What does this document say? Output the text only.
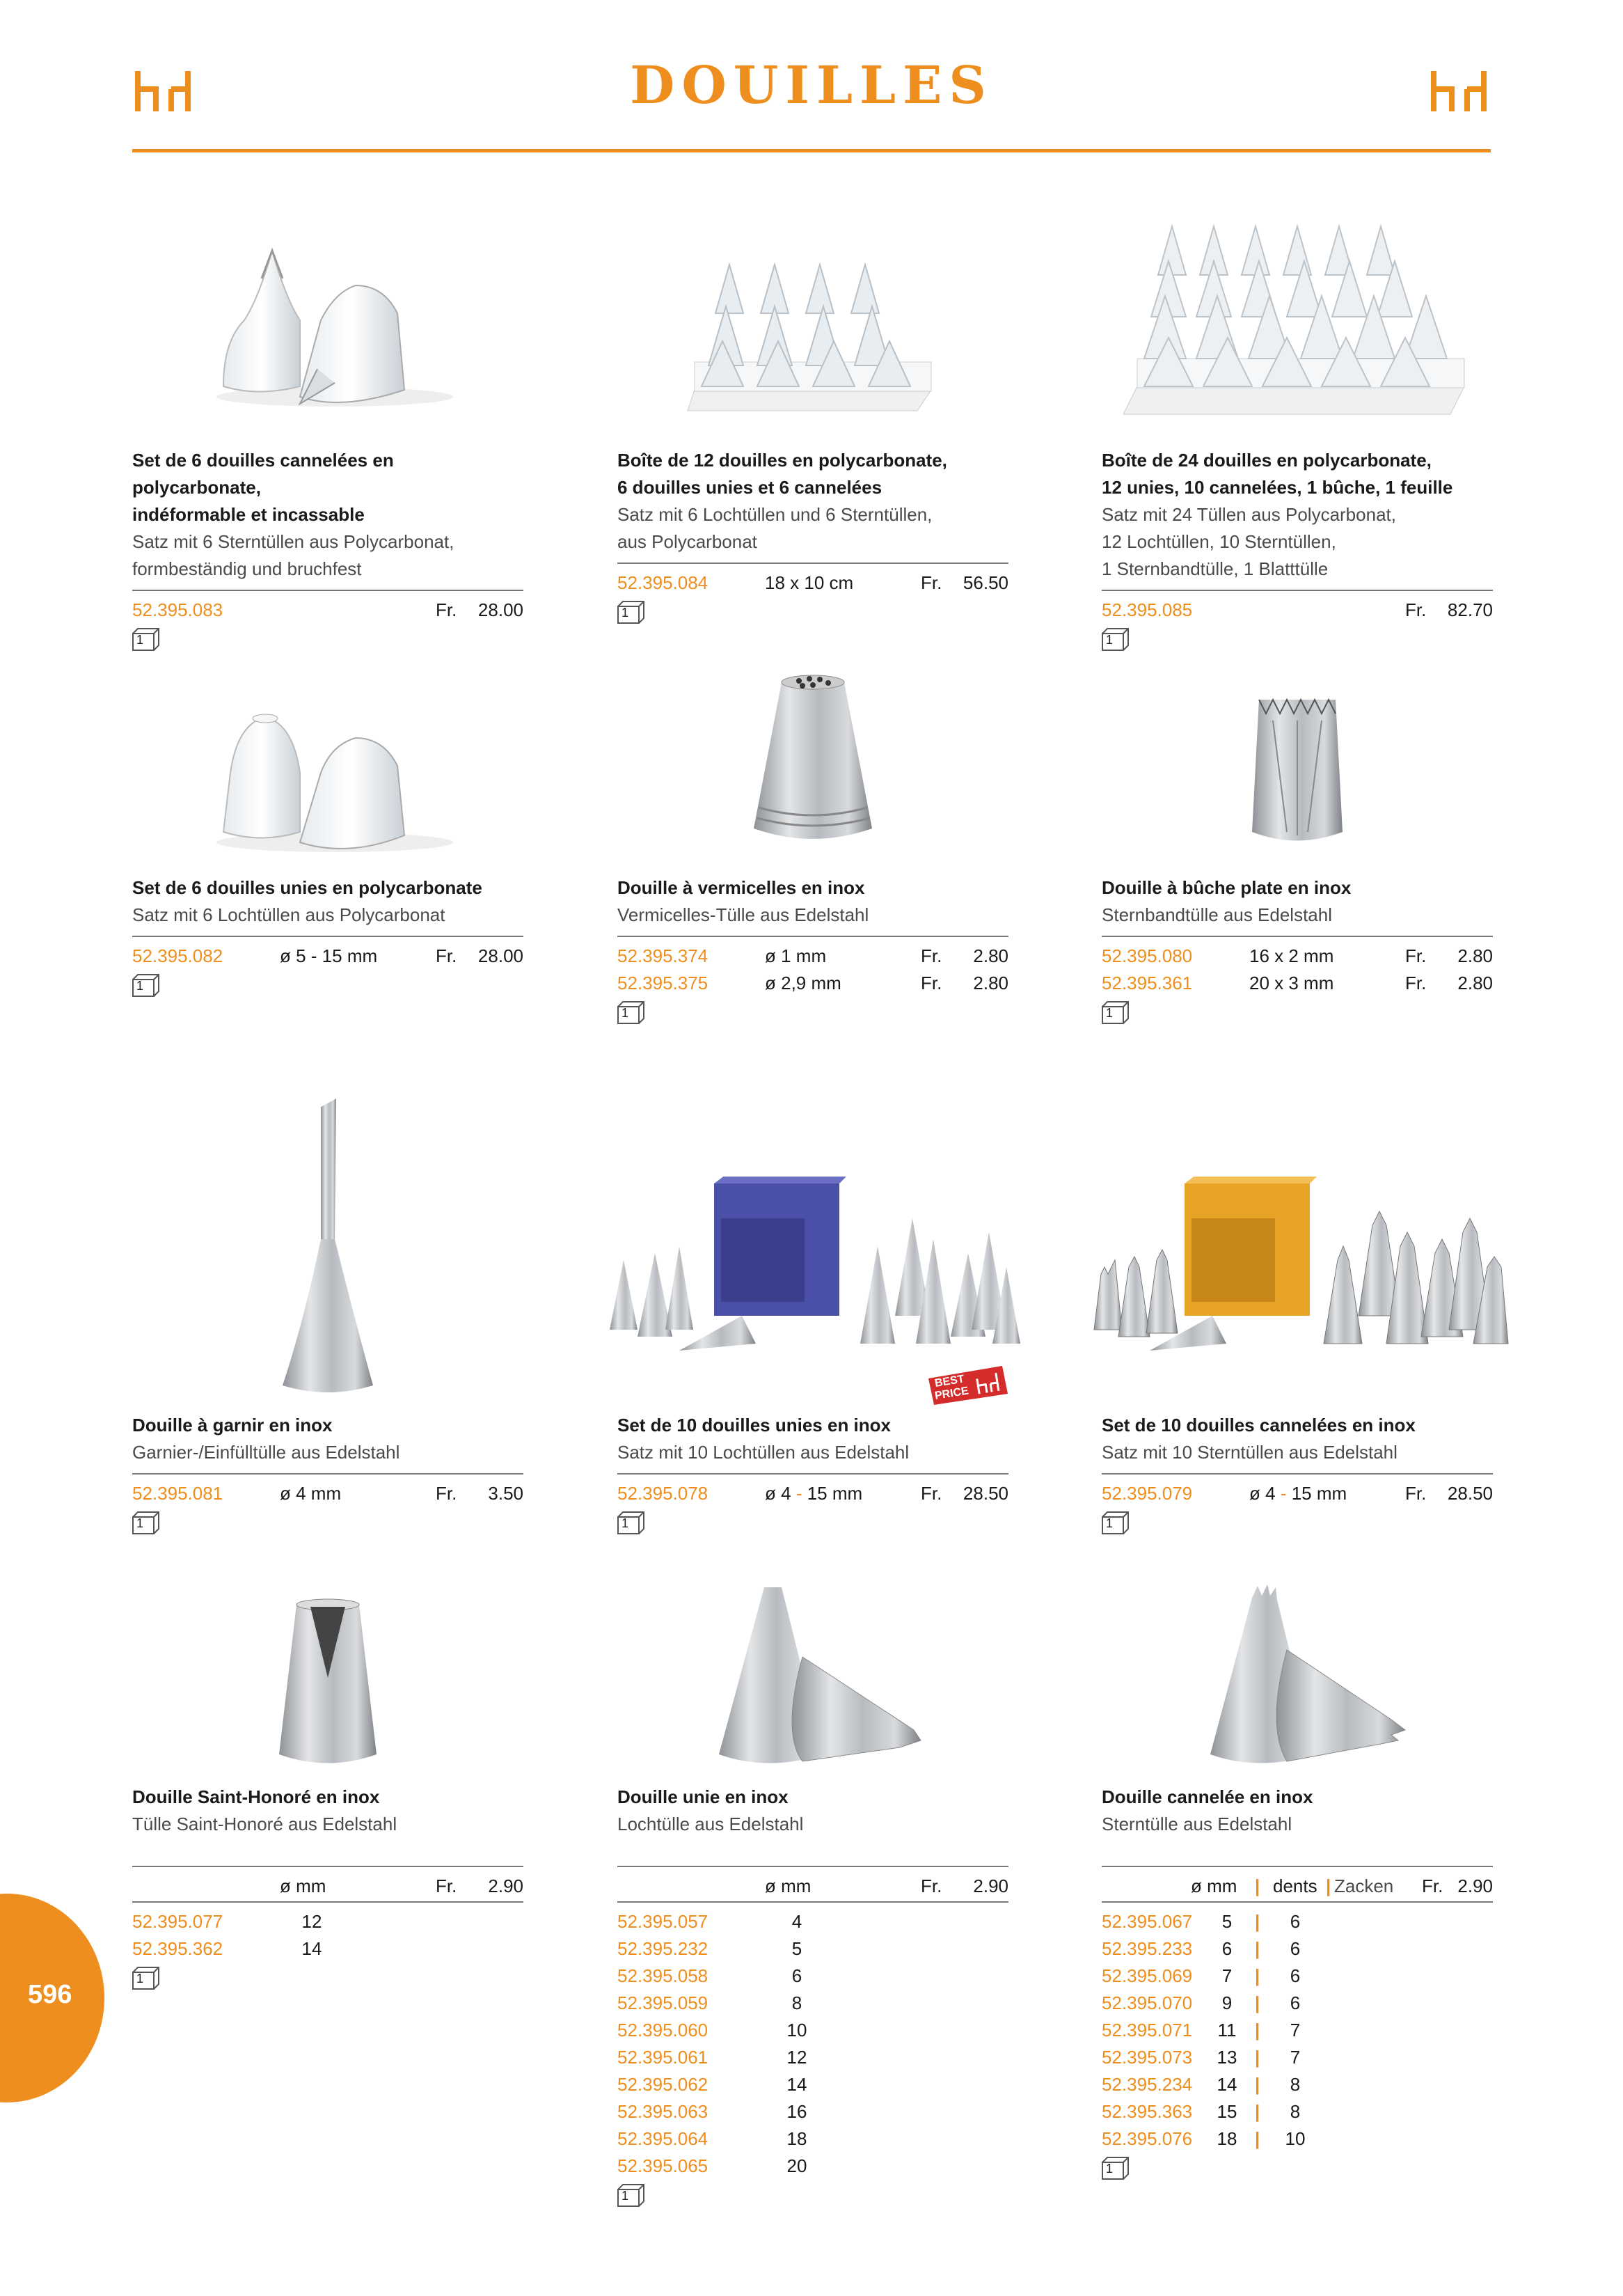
DOUILLES
Set de 6 douilles cannelées en polycarbonate,
indéformable et incassable
Satz mit 6 Sterntüllen aus Polycarbonat,
formbeständig und bruchfest
52.395.083	Fr. 28.00
1
Boîte de 12 douilles en polycarbonate,
6 douilles unies et 6 cannelées
Satz mit 6 Lochtüllen und 6 Sterntüllen,
aus Polycarbonat
52.395.084	18 x 10 cm	Fr. 56.50
1
Boîte de 24 douilles en polycarbonate,
12 unies, 10 cannelées, 1 bûche, 1 feuille
Satz mit 24 Tüllen aus Polycarbonat,
12 Lochtüllen, 10 Sterntüllen,
1 Sternbandtülle, 1 Blatttülle
52.395.085	Fr. 82.70
1
Set de 6 douilles unies en polycarbonate
Satz mit 6 Lochtüllen aus Polycarbonat
52.395.082	ø 5 - 15 mm	Fr. 28.00
1
Douille à vermicelles en inox
Vermicelles-Tülle aus Edelstahl
52.395.374	ø 1 mm	Fr. 2.80
52.395.375	ø 2,9 mm	Fr. 2.80
1
Douille à bûche plate en inox
Sternbandtülle aus Edelstahl
52.395.080	16 x 2 mm	Fr. 2.80
52.395.361	20 x 3 mm	Fr. 2.80
1
Douille à garnir en inox
Garnier-/Einfülltülle aus Edelstahl
52.395.081	ø 4 mm	Fr. 3.50
1
BEST
PRICE
Set de 10 douilles unies en inox
Satz mit 10 Lochtüllen aus Edelstahl
52.395.078	ø 4 - 15 mm	Fr. 28.50
1
Set de 10 douilles cannelées en inox
Satz mit 10 Sterntüllen aus Edelstahl
52.395.079	ø 4 - 15 mm	Fr. 28.50
1
Douille Saint-Honoré en inox
Tülle Saint-Honoré aus Edelstahl
ø mm	Fr. 2.90
52.395.077	12
52.395.362	14
1
Douille unie en inox
Lochtülle aus Edelstahl
ø mm	Fr. 2.90
52.395.057	4
52.395.232	5
52.395.058	6
52.395.059	8
52.395.060	10
52.395.061	12
52.395.062	14
52.395.063	16
52.395.064	18
52.395.065	20
1
Douille cannelée en inox
Sterntülle aus Edelstahl
ø mm | dents | Zacken Fr. 2.90
52.395.067	5	|	6
52.395.233	6	|	6
52.395.069	7	|	6
52.395.070	9	|	6
52.395.071 11 |	7
52.395.073 13 |	7
52.395.234 14 |	8
52.395.363 15 |	8
52.395.076 18 | 10
1
596
